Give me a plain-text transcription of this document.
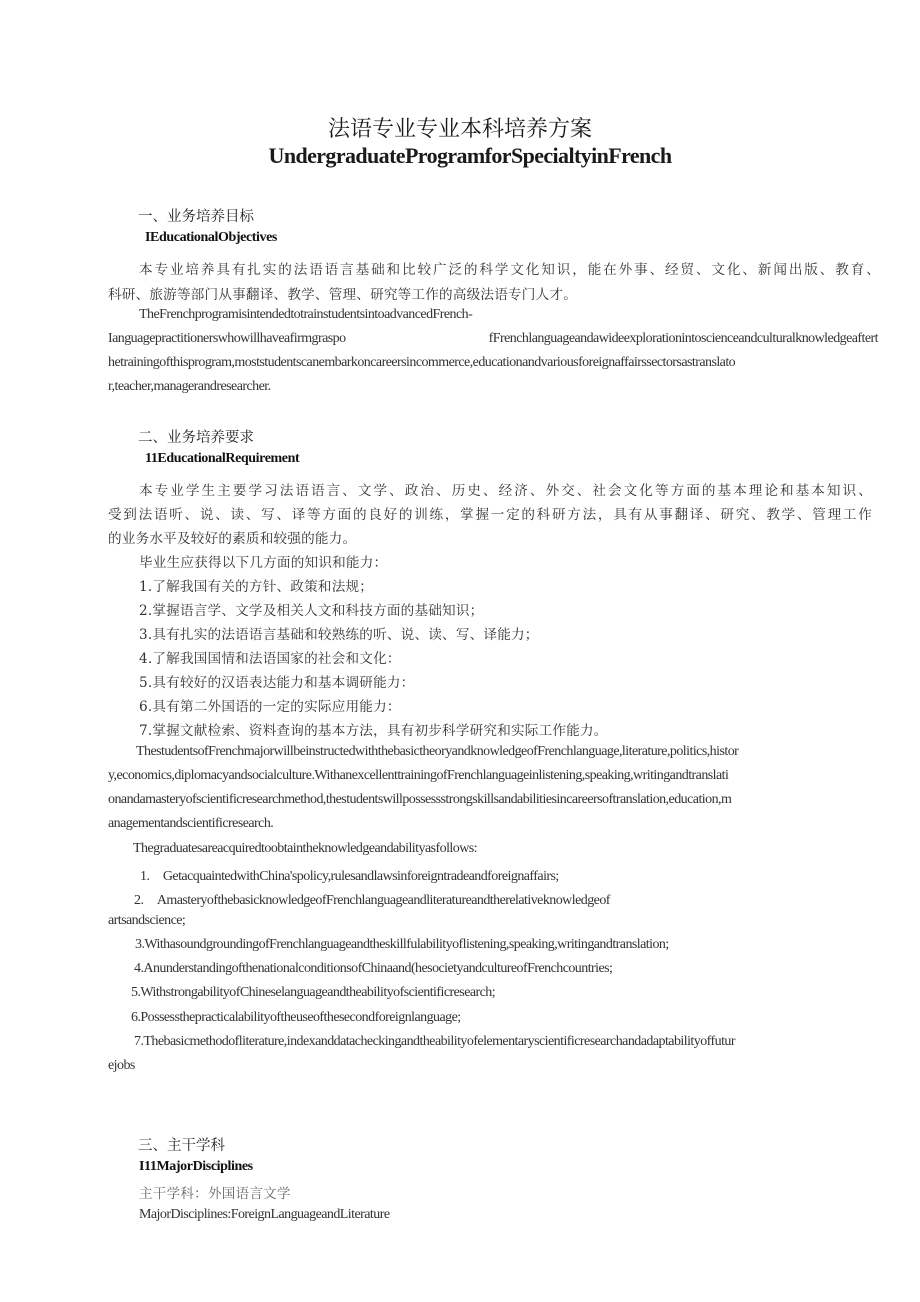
法语专业专业本科培养方案
UndergraduateProgramforSpecialtyinFrench
一、业务培养目标
IEducationalObjectives
本专业培养具有扎实的法语语言基础和比较广泛的科学文化知识，能在外事、经贸、文化、新闻出版、教育、
科研、旅游等部门从事翻译、教学、管理、研究等工作的高级法语专门人才。
TheFrenchprogramisintendedtotrainstudentsintoadvancedFrench-
Ianguagepractitionerswhowillhaveafirmgraspo fFrenchlanguageandawideexplorationintoscienceandculturalknowledgeaftert
hetrainingofthisprogram,moststudentscanembarkoncareersincommerce,educationandvariousforeignaffairssectorsastranslato
r,teacher,managerandresearcher.
二、业务培养要求
11EducationalRequirement
本专业学生主要学习法语语言、文学、政治、历史、经济、外交、社会文化等方面的基本理论和基本知识、
受到法语听、说、读、写、译等方面的良好的训练，掌握一定的科研方法，具有从事翻译、研究、教学、管理工作
的业务水平及较好的素质和较强的能力。
毕业生应获得以下几方面的知识和能力：
1.了解我国有关的方针、政策和法规；
2.掌握语言学、文学及相关人文和科技方面的基础知识；
3.具有扎实的法语语言基础和较熟练的听、说、读、写、译能力；
4.了解我国国情和法语国家的社会和文化：
5.具有较好的汉语表达能力和基本调研能力：
6.具有第二外国语的一定的实际应用能力：
7.掌握文献检索、资料查询的基本方法，具有初步科学研究和实际工作能力。
ThestudentsofFrenchmajorwillbeinstructedwiththebasictheoryandknowledgeofFrenchlanguage,literature,politics,histor
y,economics,diplomacyandsocialculture.WithanexcellenttrainingofFrenchlanguageinlistening,speaking,writingandtranslati
onandamasteryofscientificresearchmethod,thestudentswillpossessstrongskillsandabilitiesincareersoftranslation,education,m
anagementandscientificresearch.
Thegraduatesareacquiredtoobtaintheknowledgeandabilityasfollows:
1.　GetacquaintedwithChina'spolicy,rulesandlawsinforeigntradeandforeignaffairs;
2.　AmasteryofthebasicknowledgeofFrenchlanguageandliteratureandtherelativeknowledgeof
artsandscience;
3.WithasoundgroundingofFrenchlanguageandtheskillfulabilityoflistening,speaking,writingandtranslation;
4.AnunderstandingofthenationalconditionsofChinaand(hesocietyandcultureofFrenchcountries;
5.WithstrongabilityofChineselanguageandtheabilityofscientificresearch;
6.Possessthepracticalabilityoftheuseofthesecondforeignlanguage;
7.Thebasicmethodofliterature,indexanddatacheckingandtheabilityofelementaryscientificresearchandadaptabilityoffutur
ejobs
三、主干学科
I11MajorDisciplines
主干学科：外国语言文学
MajorDisciplines:ForeignLanguageandLiterature
